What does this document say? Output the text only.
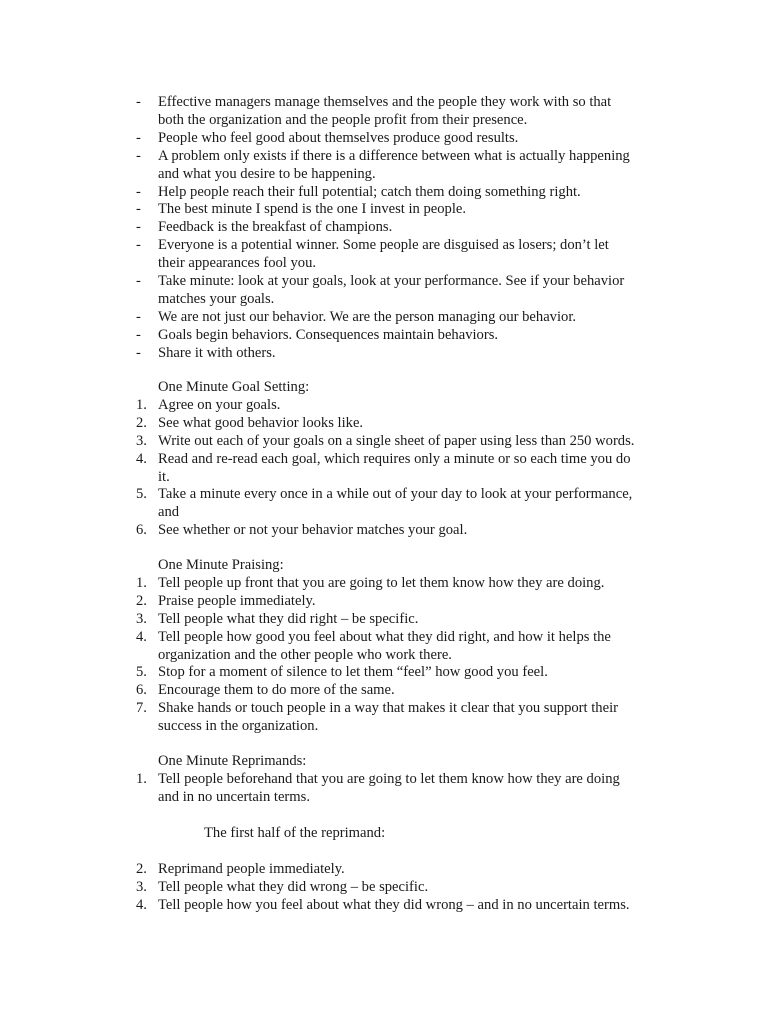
-	Effective managers manage themselves and the people they work with so that
both the organization and the people profit from their presence.
-	People who feel good about themselves produce good results.
-	A problem only exists if there is a difference between what is actually happening
and what you desire to be happening.
-	Help people reach their full potential; catch them doing something right.
-	The best minute I spend is the one I invest in people.
-	Feedback is the breakfast of champions.
-	Everyone is a potential winner. Some people are disguised as losers; don’t let
their appearances fool you.
-	Take minute: look at your goals, look at your performance. See if your behavior
matches your goals.
-	We are not just our behavior. We are the person managing our behavior.
-	Goals begin behaviors. Consequences maintain behaviors.
-	Share it with others.
One Minute Goal Setting:
1. Agree on your goals.
2. See what good behavior looks like.
3. Write out each of your goals on a single sheet of paper using less than 250 words.
4. Read and re-read each goal, which requires only a minute or so each time you do
it.
5. Take a minute every once in a while out of your day to look at your performance,
and
6. See whether or not your behavior matches your goal.
One Minute Praising:
1. Tell people up front that you are going to let them know how they are doing.
2. Praise people immediately.
3. Tell people what they did right – be specific.
4. Tell people how good you feel about what they did right, and how it helps the
organization and the other people who work there.
5. Stop for a moment of silence to let them “feel” how good you feel.
6. Encourage them to do more of the same.
7. Shake hands or touch people in a way that makes it clear that you support their
success in the organization.
One Minute Reprimands:
1. Tell people beforehand that you are going to let them know how they are doing
and in no uncertain terms.
The first half of the reprimand:
2. Reprimand people immediately.
3. Tell people what they did wrong – be specific.
4. Tell people how you feel about what they did wrong – and in no uncertain terms.
